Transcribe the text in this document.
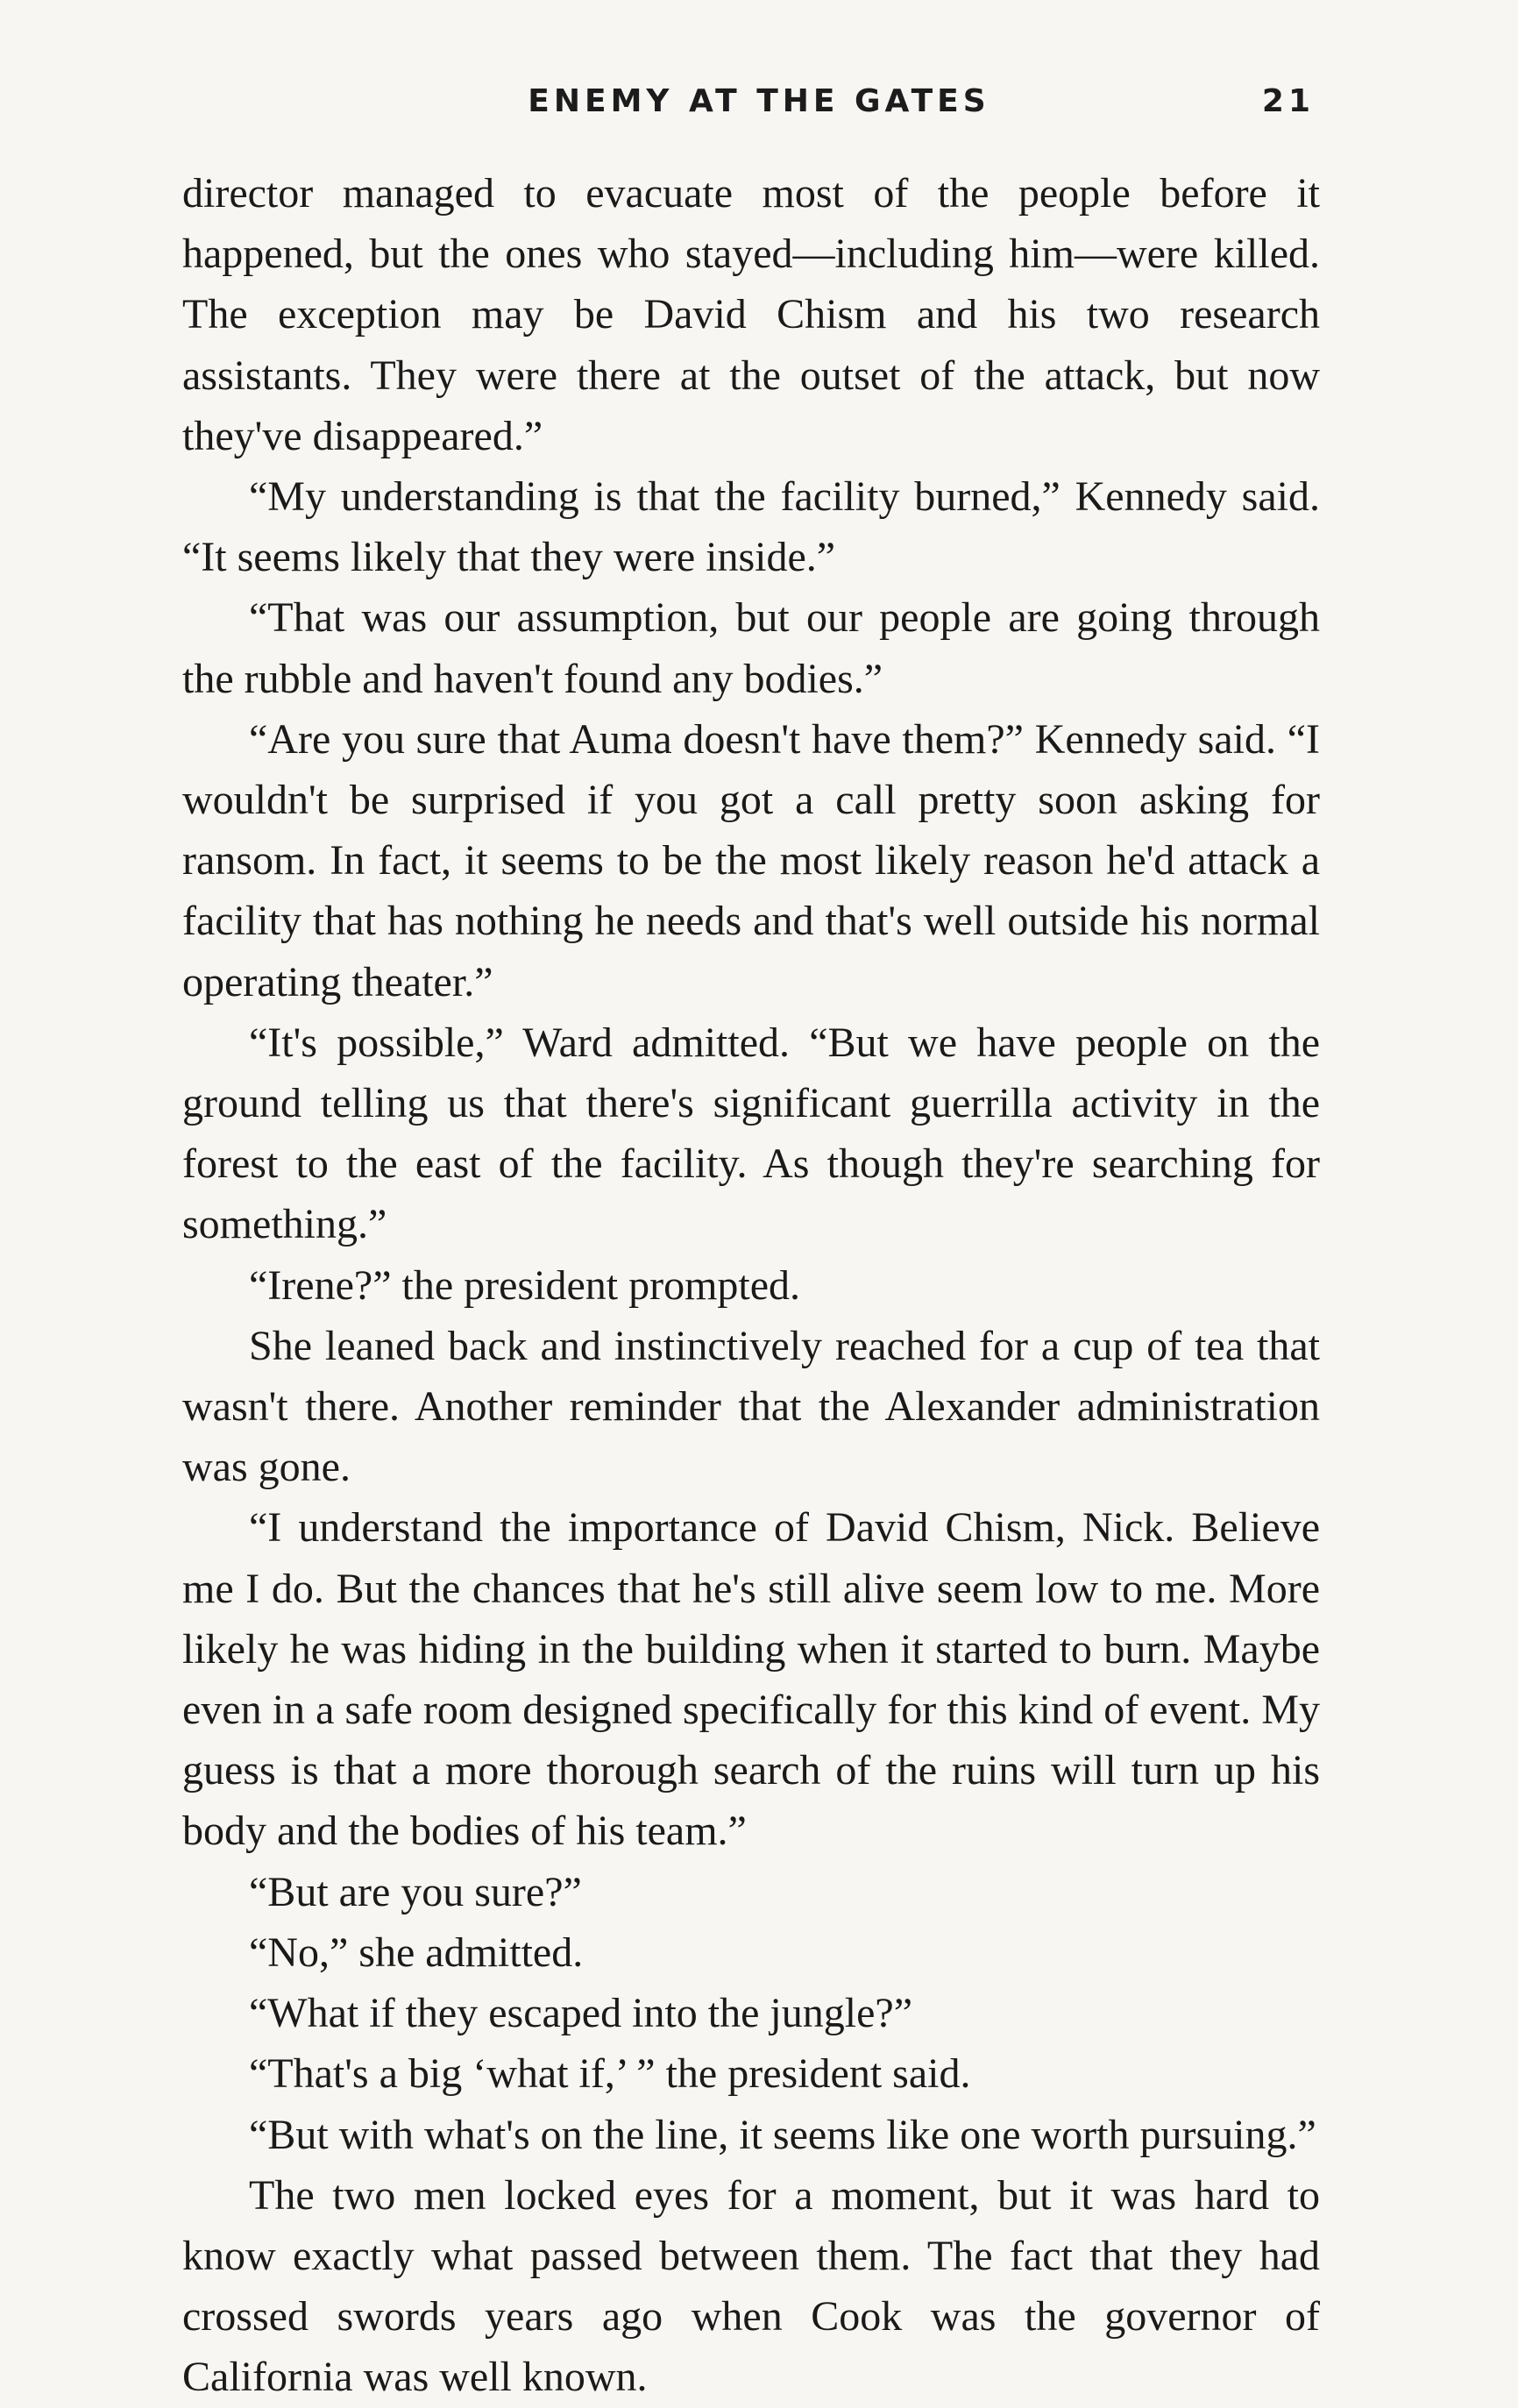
ENEMY AT THE GATES	21

director managed to evacuate most of the people before it happened, but the ones who stayed—including him—were killed. The exception may be David Chism and his two research assistants. They were there at the outset of the attack, but now they've disappeared.”

“My understanding is that the facility burned,” Kennedy said. “It seems likely that they were inside.”

“That was our assumption, but our people are going through the rubble and haven't found any bodies.”

“Are you sure that Auma doesn't have them?” Kennedy said. “I wouldn't be surprised if you got a call pretty soon asking for ransom. In fact, it seems to be the most likely reason he'd attack a facility that has nothing he needs and that's well outside his normal operating theater.”

“It's possible,” Ward admitted. “But we have people on the ground telling us that there's significant guerrilla activity in the forest to the east of the facility. As though they're searching for something.”

“Irene?” the president prompted.

She leaned back and instinctively reached for a cup of tea that wasn't there. Another reminder that the Alexander administration was gone.

“I understand the importance of David Chism, Nick. Believe me I do. But the chances that he's still alive seem low to me. More likely he was hiding in the building when it started to burn. Maybe even in a safe room designed specifically for this kind of event. My guess is that a more thorough search of the ruins will turn up his body and the bodies of his team.”

“But are you sure?”

“No,” she admitted.

“What if they escaped into the jungle?”

“That's a big ‘what if,’ ” the president said.

“But with what's on the line, it seems like one worth pursuing.”

The two men locked eyes for a moment, but it was hard to know exactly what passed between them. The fact that they had crossed swords years ago when Cook was the governor of California was well known.
